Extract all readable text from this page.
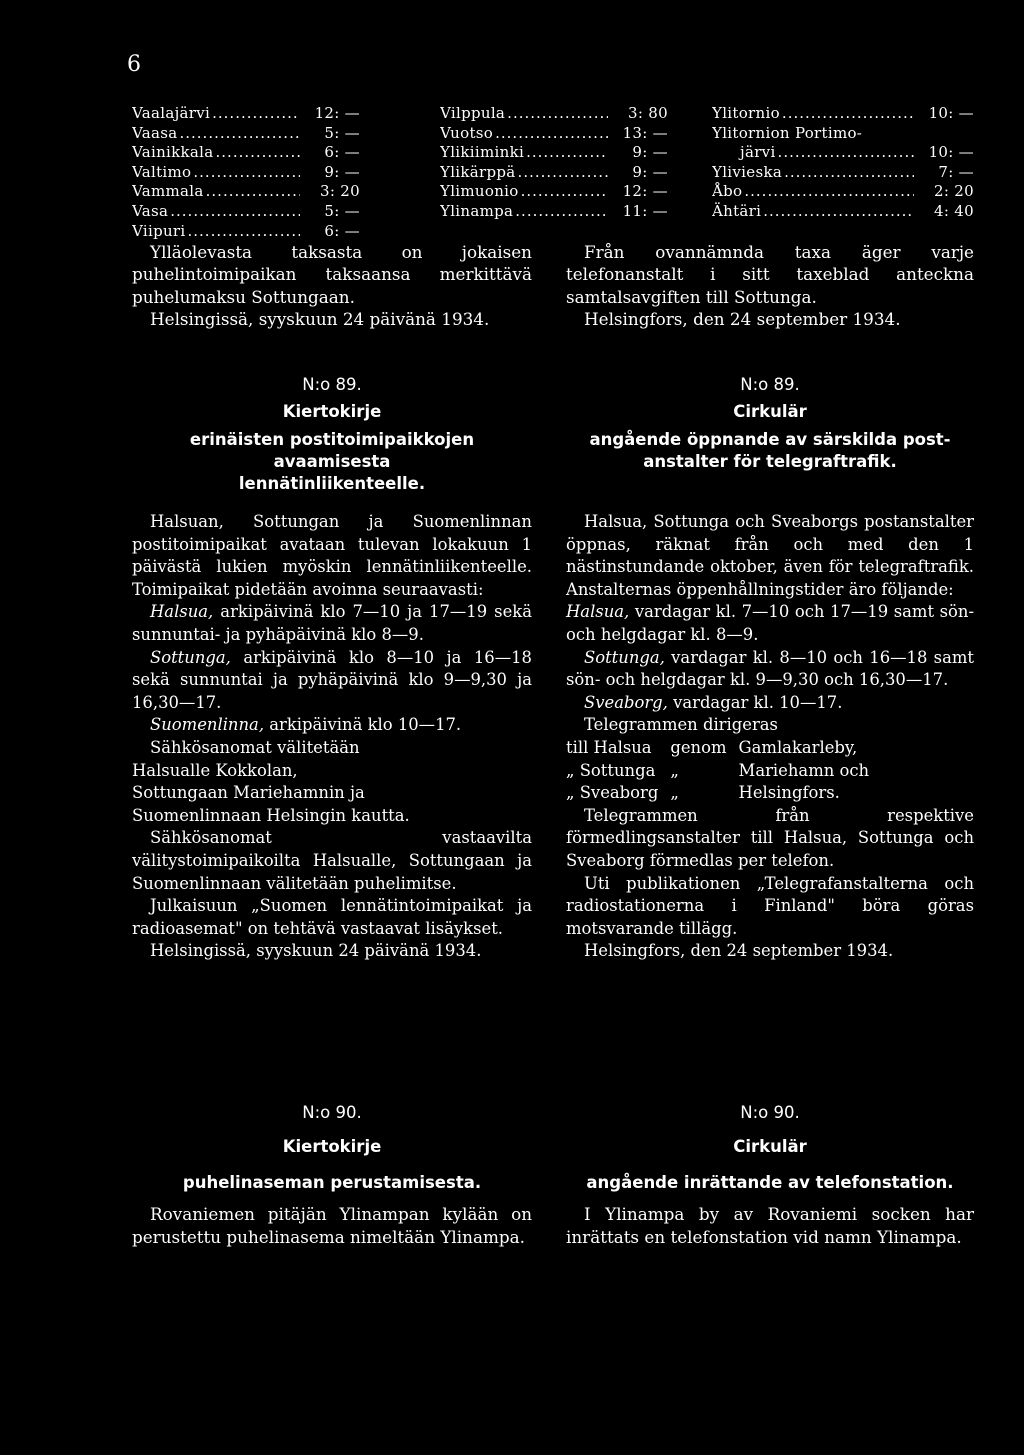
6
Vaalajärvi .....	12: —
Vaasa .....	5: —
Vainikkala .....	6: —
Valtimo .....	9: —
Vammala .....	3: 20
Vasa .....	5: —
Viipuri .....	6: —
Vilppula .....	3: 80
Vuotso .....	13: —
Ylikiiminki .....	9: —
Ylikärppä .....	9: —
Ylimuonio .....	12: —
Ylinampa .....	11: —
Ylitornio .....	10: —
Ylitornion Portimo-
järvi .....	10: —
Ylivieska .....	7: —
Åbo .....	2: 20
Ähtäri .....	4: 40

Ylläolevasta taksasta on jokaisen puhelintoimipaikan taksaansa merkittävä puhelumaksu Sottungaan.

Helsingissä, syyskuun 24 päivänä 1934.

Från ovannämnda taxa äger varje telefonanstalt i sitt taxeblad anteckna samtalsavgiften till Sottunga.

Helsingfors, den 24 september 1934.

N:o 89.
Kiertokirje
erinäisten postitoimipaikkojen avaamisesta
lennätinliikenteelle.
N:o 89.
Cirkulär
angående öppnande av särskilda post-
anstalter för telegraftrafik.

Halsuan, Sottungan ja Suomenlinnan postitoimipaikat avataan tulevan lokakuun 1 päivästä lukien myöskin lennätinliikenteelle. Toimipaikat pidetään avoinna seuraavasti:

Halsua, arkipäivinä klo 7—10 ja 17—19 sekä sunnuntai- ja pyhäpäivinä klo 8—9.

Sottunga, arkipäivinä klo 8—10 ja 16—18 sekä sunnuntai ja pyhäpäivinä klo 9—9,30 ja 16,30—17.

Suomenlinna, arkipäivinä klo 10—17.

Sähkösanomat välitetään

Halsualle Kokkolan,

Sottungaan Mariehamnin ja

Suomenlinnaan Helsingin kautta.

Sähkösanomat vastaavilta välitystoimipaikoilta Halsualle, Sottungaan ja Suomenlinnaan välitetään puhelimitse.

Julkaisuun „Suomen lennätintoimipaikat ja radioasemat" on tehtävä vastaavat lisäykset.

Helsingissä, syyskuun 24 päivänä 1934.

Halsua, Sottunga och Sveaborgs postanstalter öppnas, räknat från och med den 1 nästinstundande oktober, även för telegraftrafik. Anstalternas öppenhållningstider äro följande:

Halsua, vardagar kl. 7—10 och 17—19 samt sön- och helgdagar kl. 8—9.

Sottunga, vardagar kl. 8—10 och 16—18 samt sön- och helgdagar kl. 9—9,30 och 16,30—17.

Sveaborg, vardagar kl. 10—17.

Telegrammen dirigeras

till Halsua	genom Gamlakarleby,
„ Sottunga „	Mariehamn och
„ Sveaborg „	Helsingfors.

Telegrammen från respektive förmedlingsanstalter till Halsua, Sottunga och Sveaborg förmedlas per telefon.

Uti publikationen „Telegrafanstalterna och radiostationerna i Finland" böra göras motsvarande tillägg.

Helsingfors, den 24 september 1934.

N:o 90.
Kiertokirje
puhelinaseman perustamisesta.

Rovaniemen pitäjän Ylinampan kylään on perustettu puhelinasema nimeltään Ylinampa.

N:o 90.
Cirkulär
angående inrättande av telefonstation.

I Ylinampa by av Rovaniemi socken har inrättats en telefonstation vid namn Ylinampa.
